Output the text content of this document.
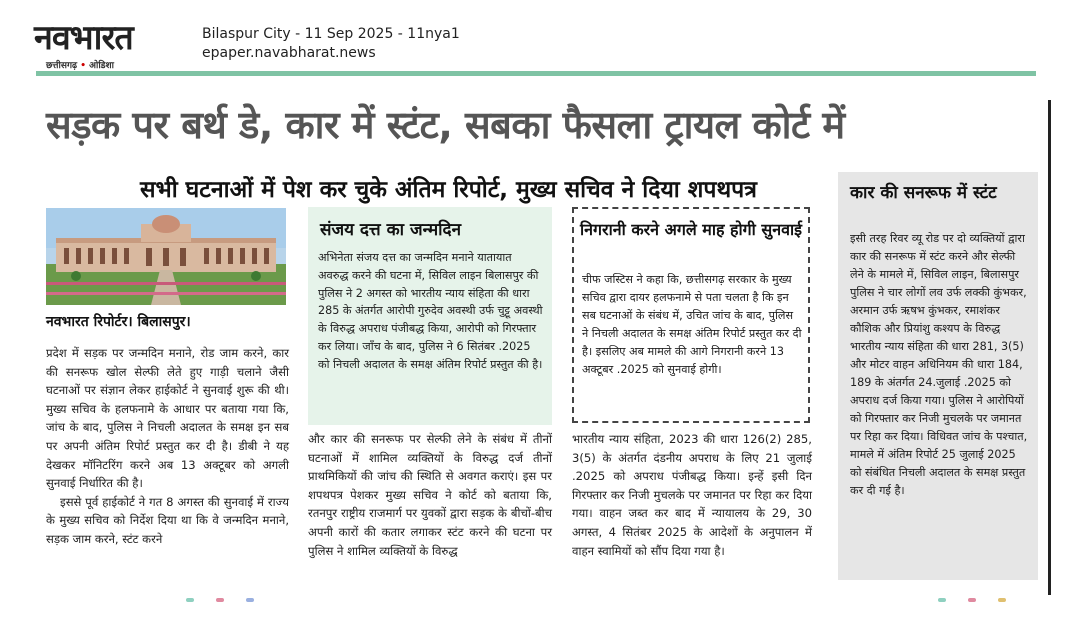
नवभारत
छत्तीसगढ़ • ओडिशा
Bilaspur City - 11 Sep 2025 - 11nya1
epaper.navabharat.news
सड़क पर बर्थ डे, कार में स्टंट, सबका फैसला ट्रायल कोर्ट में
सभी घटनाओं में पेश कर चुके अंतिम रिपोर्ट, मुख्य सचिव ने दिया शपथपत्र
नवभारत रिपोर्टर। बिलासपुर।

प्रदेश में सड़क पर जन्मदिन मनाने, रोड जाम करने, कार की सनरूफ खोल सेल्फी लेते हुए गाड़ी चलाने जैसी घटनाओं पर संज्ञान लेकर हाईकोर्ट ने सुनवाई शुरू की थी। मुख्य सचिव के हलफनामे के आधार पर बताया गया कि, जांच के बाद, पुलिस ने निचली अदालत के समक्ष इन सब पर अपनी अंतिम रिपोर्ट प्रस्तुत कर दी है। डीबी ने यह देखकर मॉनिटरिंग करने अब 13 अक्टूबर को अगली सुनवाई निर्धारित की है।

इससे पूर्व हाईकोर्ट ने गत 8 अगस्त की सुनवाई में राज्य के मुख्य सचिव को निर्देश दिया था कि वे जन्मदिन मनाने, सड़क जाम करने, स्टंट करने

संजय दत्त का जन्मदिन
अभिनेता संजय दत्त का जन्मदिन मनाने यातायात अवरुद्ध करने की घटना में, सिविल लाइन बिलासपुर की पुलिस ने 2 अगस्त को भारतीय न्याय संहिता की धारा 285 के अंतर्गत आरोपी गुरुदेव अवस्थी उर्फ चुट्टू अवस्थी के विरुद्ध अपराध पंजीबद्ध किया, आरोपी को गिरफ्तार कर लिया। जाँच के बाद, पुलिस ने 6 सितंबर .2025 को निचली अदालत के समक्ष अंतिम रिपोर्ट प्रस्तुत की है।

और कार की सनरूफ पर सेल्फी लेने के संबंध में तीनों घटनाओं में शामिल व्यक्तियों के विरुद्ध दर्ज तीनों प्राथमिकियों की जांच की स्थिति से अवगत कराएं। इस पर शपथपत्र पेशकर मुख्य सचिव ने कोर्ट को बताया कि, रतनपुर राष्ट्रीय राजमार्ग पर युवकों द्वारा सड़क के बीचों-बीच अपनी कारों की कतार लगाकर स्टंट करने की घटना पर पुलिस ने शामिल व्यक्तियों के विरुद्ध

निगरानी करने अगले माह होगी सुनवाई
चीफ जस्टिस ने कहा कि, छत्तीसगढ़ सरकार के मुख्य सचिव द्वारा दायर हलफनामे से पता चलता है कि इन सब घटनाओं के संबंध में, उचित जांच के बाद, पुलिस ने निचली अदालत के समक्ष अंतिम रिपोर्ट प्रस्तुत कर दी है। इसलिए अब मामले की आगे निगरानी करने 13 अक्टूबर .2025 को सुनवाई होगी।

भारतीय न्याय संहिता, 2023 की धारा 126(2) 285, 3(5) के अंतर्गत दंडनीय अपराध के लिए 21 जुलाई .2025 को अपराध पंजीबद्ध किया। इन्हें इसी दिन गिरफ्तार कर निजी मुचलके पर जमानत पर रिहा कर दिया गया। वाहन जब्त कर बाद में न्यायालय के 29, 30 अगस्त, 4 सितंबर 2025 के आदेशों के अनुपालन में वाहन स्वामियों को सौंप दिया गया है।

कार की सनरूफ में स्टंट
इसी तरह रिवर व्यू रोड पर दो व्यक्तियों द्वारा कार की सनरूफ में स्टंट करने और सेल्फी लेने के मामले में, सिविल लाइन, बिलासपुर पुलिस ने चार लोगों लव उर्फ लक्की कुंभकर, अरमान उर्फ ऋषभ कुंभकर, रमाशंकर कौशिक और प्रियांशु कश्यप के विरुद्ध भारतीय न्याय संहिता की धारा 281, 3(5) और मोटर वाहन अधिनियम की धारा 184, 189 के अंतर्गत 24.जुलाई .2025 को अपराध दर्ज किया गया। पुलिस ने आरोपियों को गिरफ्तार कर निजी मुचलके पर जमानत पर रिहा कर दिया। विधिवत जांच के पश्चात, मामले में अंतिम रिपोर्ट 25 जुलाई 2025 को संबंधित निचली अदालत के समक्ष प्रस्तुत कर दी गई है।
